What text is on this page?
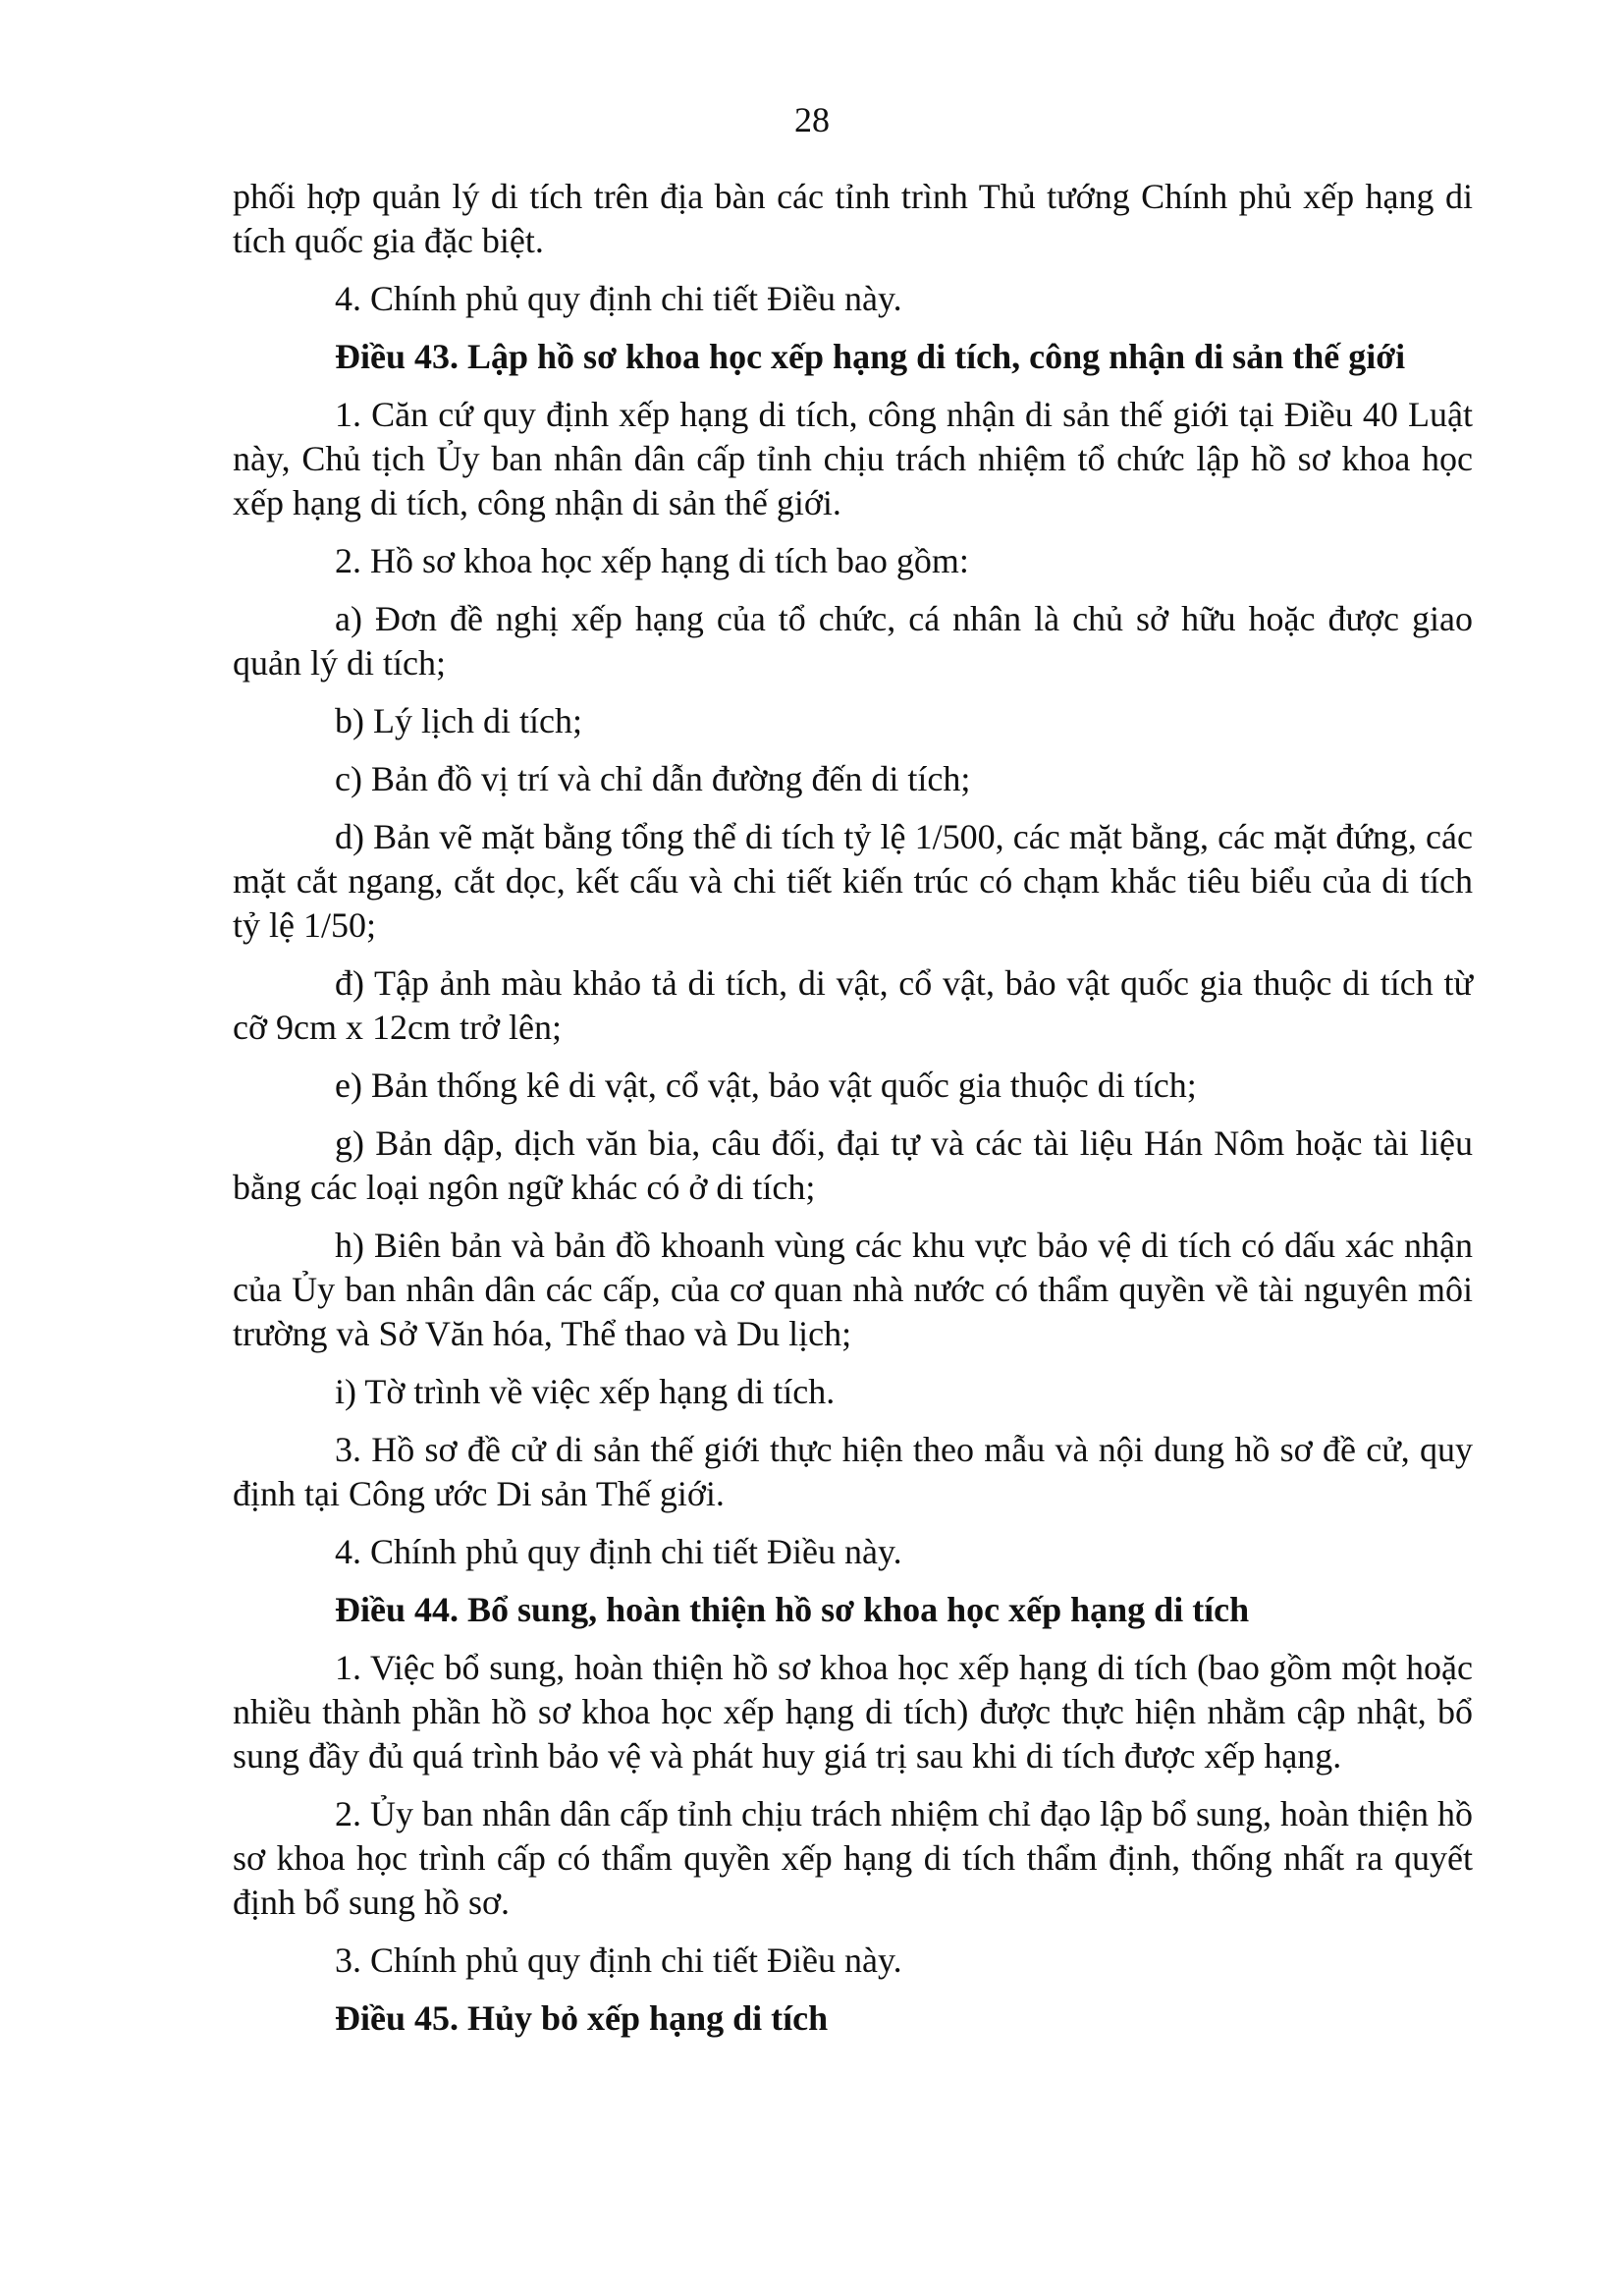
28

phối hợp quản lý di tích trên địa bàn các tỉnh trình Thủ tướng Chính phủ xếp hạng di tích quốc gia đặc biệt.

4. Chính phủ quy định chi tiết Điều này.

Điều 43. Lập hồ sơ khoa học xếp hạng di tích, công nhận di sản thế giới

1. Căn cứ quy định xếp hạng di tích, công nhận di sản thế giới tại Điều 40 Luật này, Chủ tịch Ủy ban nhân dân cấp tỉnh chịu trách nhiệm tổ chức lập hồ sơ khoa học xếp hạng di tích, công nhận di sản thế giới.

2. Hồ sơ khoa học xếp hạng di tích bao gồm:

a) Đơn đề nghị xếp hạng của tổ chức, cá nhân là chủ sở hữu hoặc được giao quản lý di tích;

b) Lý lịch di tích;

c) Bản đồ vị trí và chỉ dẫn đường đến di tích;

d) Bản vẽ mặt bằng tổng thể di tích tỷ lệ 1/500, các mặt bằng, các mặt đứng, các mặt cắt ngang, cắt dọc, kết cấu và chi tiết kiến trúc có chạm khắc tiêu biểu của di tích tỷ lệ 1/50;

đ) Tập ảnh màu khảo tả di tích, di vật, cổ vật, bảo vật quốc gia thuộc di tích từ cỡ 9cm x 12cm trở lên;

e) Bản thống kê di vật, cổ vật, bảo vật quốc gia thuộc di tích;

g) Bản dập, dịch văn bia, câu đối, đại tự và các tài liệu Hán Nôm hoặc tài liệu bằng các loại ngôn ngữ khác có ở di tích;

h) Biên bản và bản đồ khoanh vùng các khu vực bảo vệ di tích có dấu xác nhận của Ủy ban nhân dân các cấp, của cơ quan nhà nước có thẩm quyền về tài nguyên môi trường và Sở Văn hóa, Thể thao và Du lịch;

i) Tờ trình về việc xếp hạng di tích.

3. Hồ sơ đề cử di sản thế giới thực hiện theo mẫu và nội dung hồ sơ đề cử, quy định tại Công ước Di sản Thế giới.

4. Chính phủ quy định chi tiết Điều này.

Điều 44. Bổ sung, hoàn thiện hồ sơ khoa học xếp hạng di tích

1. Việc bổ sung, hoàn thiện hồ sơ khoa học xếp hạng di tích (bao gồm một hoặc nhiều thành phần hồ sơ khoa học xếp hạng di tích) được thực hiện nhằm cập nhật, bổ sung đầy đủ quá trình bảo vệ và phát huy giá trị sau khi di tích được xếp hạng.

2. Ủy ban nhân dân cấp tỉnh chịu trách nhiệm chỉ đạo lập bổ sung, hoàn thiện hồ sơ khoa học trình cấp có thẩm quyền xếp hạng di tích thẩm định, thống nhất ra quyết định bổ sung hồ sơ.

3. Chính phủ quy định chi tiết Điều này.

Điều 45. Hủy bỏ xếp hạng di tích
